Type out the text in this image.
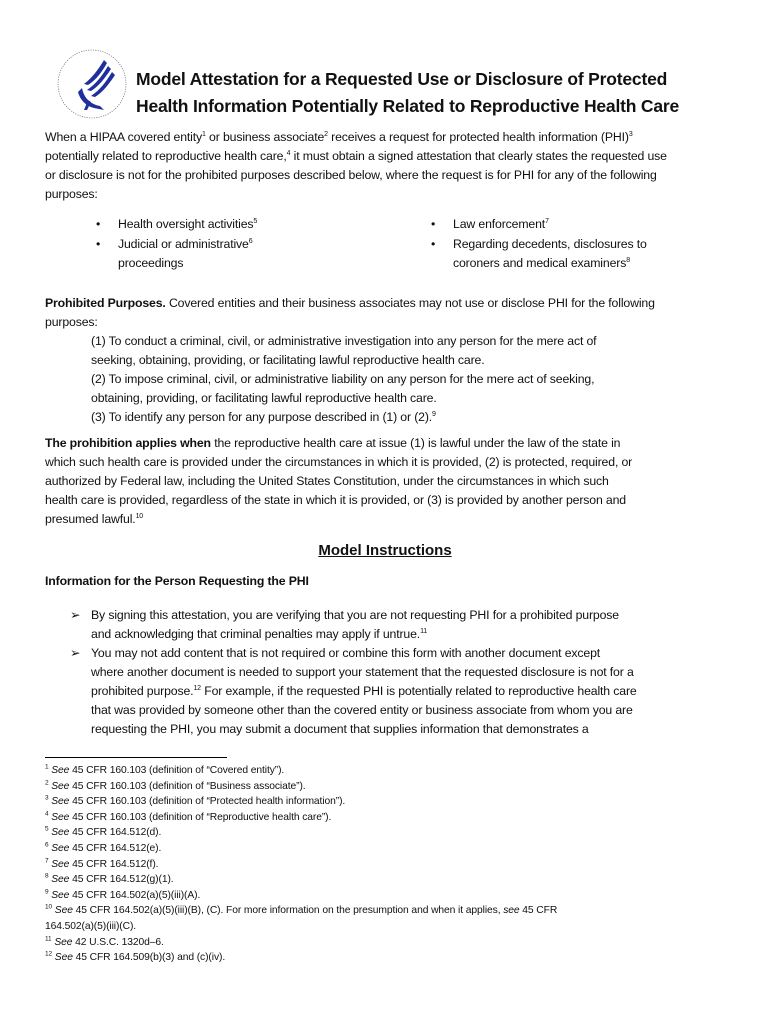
Model Attestation for a Requested Use or Disclosure of Protected
Health Information Potentially Related to Reproductive Health Care
When a HIPAA covered entity$^1$ or business associate$^2$ receives a request for protected health information (PHI)$^3$
potentially related to reproductive health care,$^4$ it must obtain a signed attestation that clearly states the requested use
or disclosure is not for the prohibited purposes described below, where the request is for PHI for any of the following
purposes:
• Health oversight activities$^5$
• Judicial or administrative$^6$
proceedings
• Law enforcement$^7$
• Regarding decedents, disclosures to
coroners and medical examiners$^8$
Prohibited Purposes. Covered entities and their business associates may not use or disclose PHI for the following
purposes:
(1) To conduct a criminal, civil, or administrative investigation into any person for the mere act of
seeking, obtaining, providing, or facilitating lawful reproductive health care.
(2) To impose criminal, civil, or administrative liability on any person for the mere act of seeking,
obtaining, providing, or facilitating lawful reproductive health care.
(3) To identify any person for any purpose described in (1) or (2).$^9$
The prohibition applies when the reproductive health care at issue (1) is lawful under the law of the state in
which such health care is provided under the circumstances in which it is provided, (2) is protected, required, or
authorized by Federal law, including the United States Constitution, under the circumstances in which such
health care is provided, regardless of the state in which it is provided, or (3) is provided by another person and
presumed lawful.$^{10}$
Model Instructions
Information for the Person Requesting the PHI
➢ By signing this attestation, you are verifying that you are not requesting PHI for a prohibited purpose
and acknowledging that criminal penalties may apply if untrue.$^{11}$
➢ You may not add content that is not required or combine this form with another document except
where another document is needed to support your statement that the requested disclosure is not for a
prohibited purpose.$^{12}$ For example, if the requested PHI is potentially related to reproductive health care
that was provided by someone other than the covered entity or business associate from whom you are
requesting the PHI, you may submit a document that supplies information that demonstrates a
$^1$ See 45 CFR 160.103 (definition of “Covered entity”).
$^2$ See 45 CFR 160.103 (definition of “Business associate”).
$^3$ See 45 CFR 160.103 (definition of “Protected health information”).
$^4$ See 45 CFR 160.103 (definition of “Reproductive health care”).
$^5$ See 45 CFR 164.512(d).
$^6$ See 45 CFR 164.512(e).
$^7$ See 45 CFR 164.512(f).
$^8$ See 45 CFR 164.512(g)(1).
$^9$ See 45 CFR 164.502(a)(5)(iii)(A).
$^{10}$ See 45 CFR 164.502(a)(5)(iii)(B), (C). For more information on the presumption and when it applies, see 45 CFR
164.502(a)(5)(iii)(C).
$^{11}$ See 42 U.S.C. 1320d–6.
$^{12}$ See 45 CFR 164.509(b)(3) and (c)(iv).
